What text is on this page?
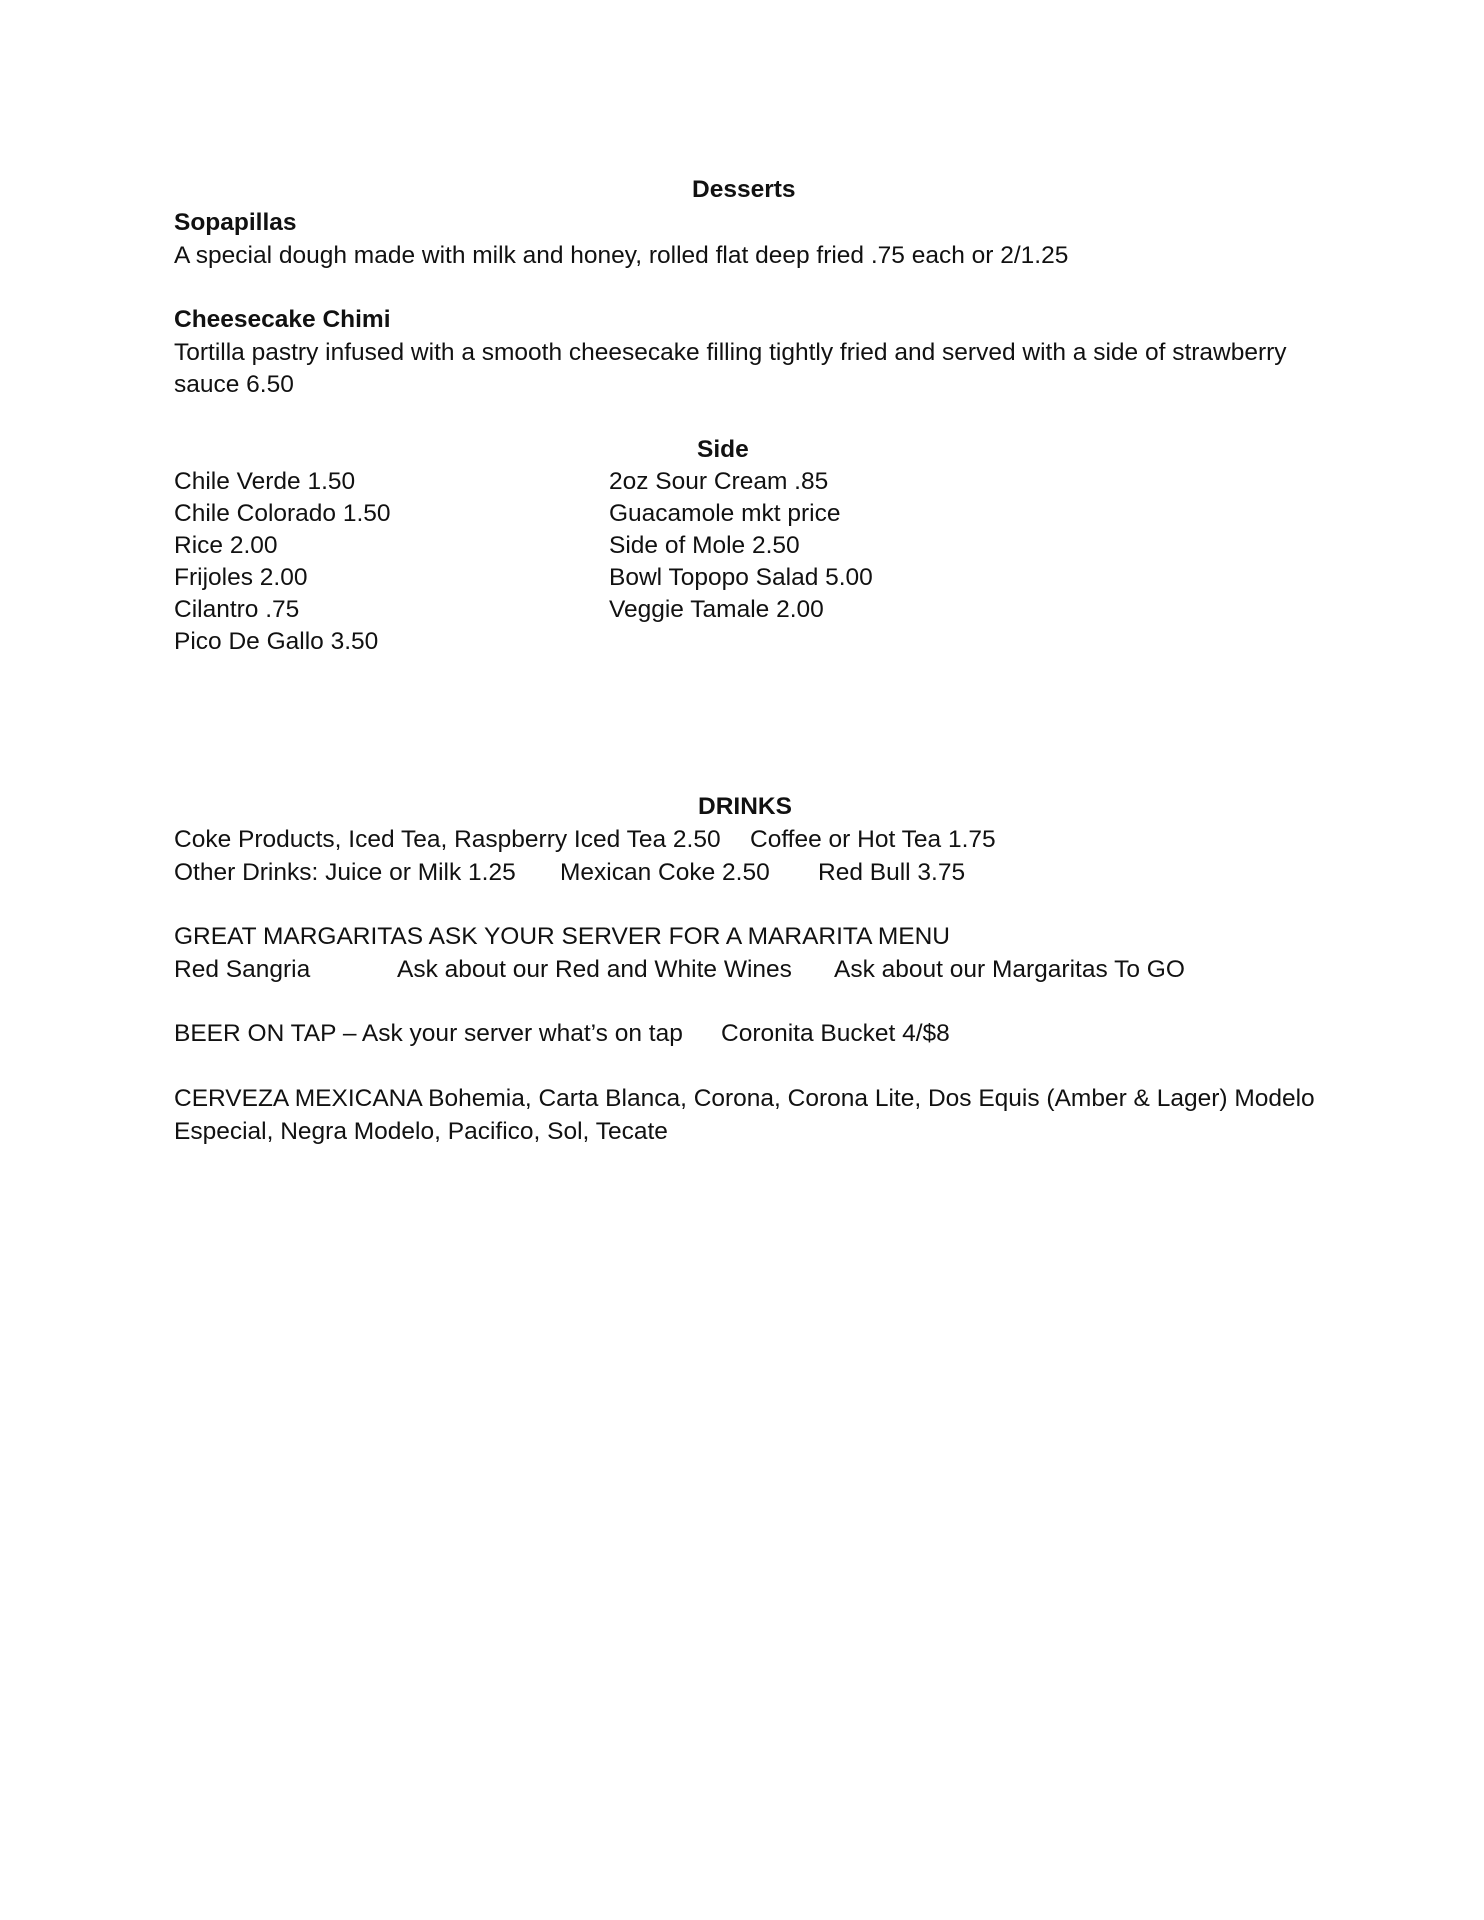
Desserts
Sopapillas
A special dough made with milk and honey, rolled flat deep fried .75 each or 2/1.25
Cheesecake Chimi
Tortilla pastry infused with a smooth cheesecake filling tightly fried and served with a side of strawberry
sauce 6.50
Side
Chile Verde 1.50
Chile Colorado 1.50
Rice 2.00
Frijoles 2.00
Cilantro .75
Pico De Gallo 3.50
2oz Sour Cream .85
Guacamole mkt price
Side of Mole 2.50
Bowl Topopo Salad 5.00
Veggie Tamale 2.00
DRINKS
Coke Products, Iced Tea, Raspberry Iced Tea 2.50 Coffee or Hot Tea 1.75
Other Drinks: Juice or Milk 1.25 Mexican Coke 2.50 Red Bull 3.75
GREAT MARGARITAS ASK YOUR SERVER FOR A MARARITA MENU
Red Sangria	Ask about our Red and White Wines Ask about our Margaritas To GO
BEER ON TAP – Ask your server what’s on tap Coronita Bucket 4/$8
CERVEZA MEXICANA Bohemia, Carta Blanca, Corona, Corona Lite, Dos Equis (Amber & Lager) Modelo
Especial, Negra Modelo, Pacifico, Sol, Tecate
